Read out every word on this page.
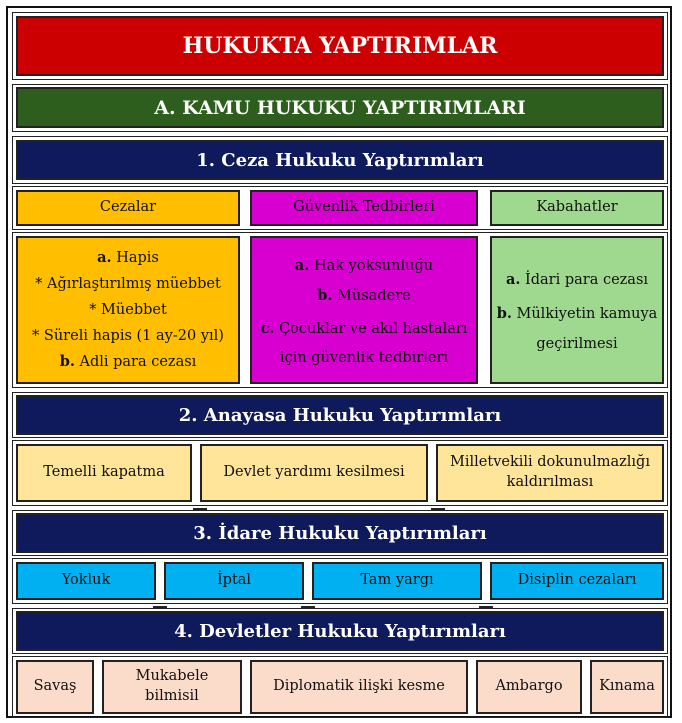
HUKUKTA YAPTIRIMLAR
A. KAMU HUKUKU YAPTIRIMLARI
1. Ceza Hukuku Yaptırımları
Cezalar	Güvenlik Tedbirleri	Kabahatler
a. Hapis
* Ağırlaştırılmış müebbet
* Müebbet
* Süreli hapis (1 ay-20 yıl)
b. Adli para cezası
a. Hak yoksunluğu
b. Müsadere
c. Çocuklar ve akıl hastaları
için güvenlik tedbirleri
a. İdari para cezası
b. Mülkiyetin kamuya
geçirilmesi
2. Anayasa Hukuku Yaptırımları
Temelli kapatma	Devlet yardımı kesilmesi
Milletvekili dokunulmazlığı kaldırılması
3. İdare Hukuku Yaptırımları
Yokluk	İptal	Tam yargı	Disiplin cezaları
4. Devletler Hukuku Yaptırımları
Savaş
Mukabele bilmisil
Diplomatik ilişki kesme	Ambargo	Kınama
